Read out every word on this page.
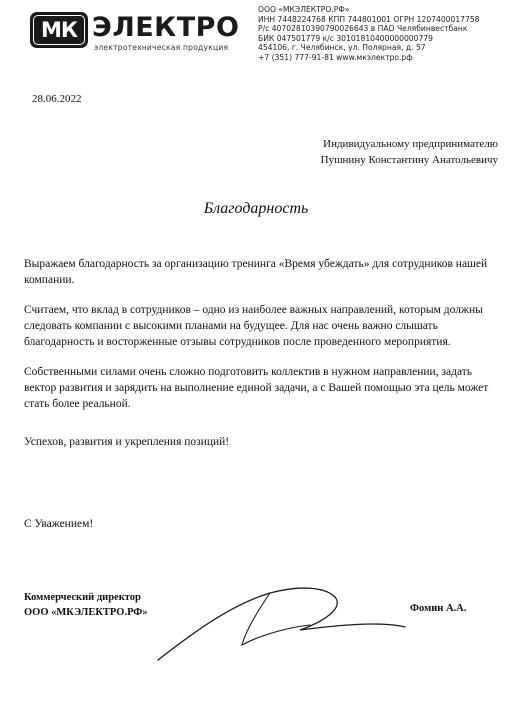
МК ЭЛЕКТРО
электротехническая продукция
ООО «МКЭЛЕКТРО.РФ»
ИНН 7448224768 КПП 744801001 ОГРН 1207400017758
Р/с 40702810390790026643 в ПАО Челябинвестбанк
БИК 047501779 к/с 30101810400000000779
454106, г. Челябинск, ул. Полярная, д. 57
+7 (351) 777-91-81 www.мкэлектро.рф
28.06.2022
Индивидуальному предпринимателю
Пушнину Константину Анатольевичу
Благодарность

Выражаем благодарность за организацию тренинга «Время убеждать» для сотрудников нашей компании.

Считаем, что вклад в сотрудников – одно из наиболее важных направлений, которым должны следовать компании с высокими планами на будущее. Для нас очень важно слышать благодарность и восторженные отзывы сотрудников после проведенного мероприятия.

Собственными силами очень сложно подготовить коллектив в нужном направлении, задать вектор развития и зарядить на выполнение единой задачи, а с Вашей помощью эта цель может стать более реальной.

Успехов, развития и укрепления позиций!
С Уважением!
Коммерческий директор
ООО «МКЭЛЕКТРО.РФ»	Фомин А.А.
